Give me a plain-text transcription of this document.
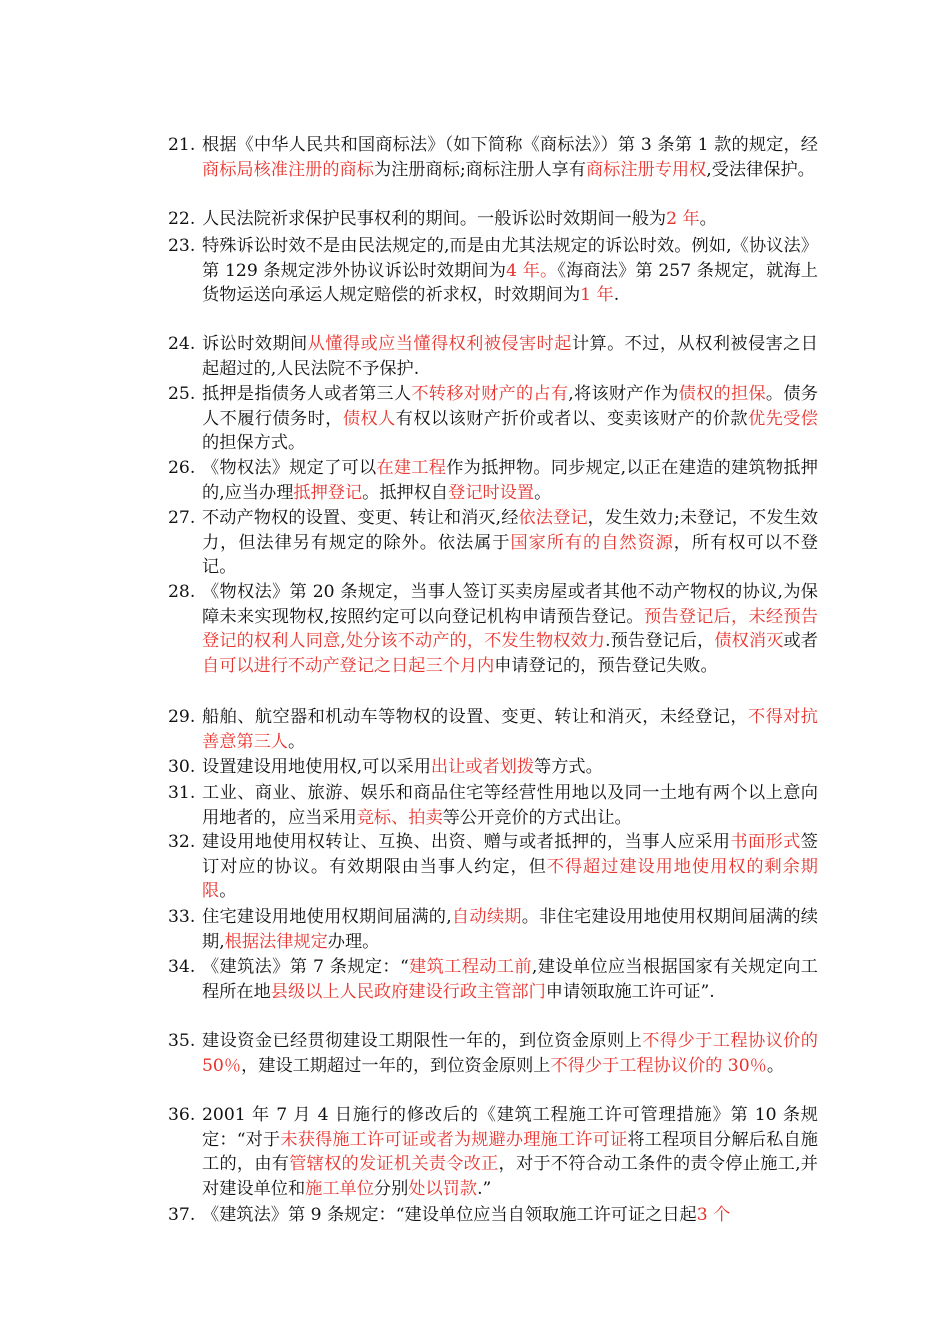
21. 根据《中华人民共和国商标法》（如下简称《商标法》）第 3 条第 1 款的规定，经商标局核准注册的商标为注册商标;商标注册人享有商标注册专用权,受法律保护。
22. 人民法院祈求保护民事权利的期间。一般诉讼时效期间一般为2 年。
23. 特殊诉讼时效不是由民法规定的,而是由尤其法规定的诉讼时效。例如,《协议法》第 129 条规定涉外协议诉讼时效期间为4 年。《海商法》第 257 条规定，就海上货物运送向承运人规定赔偿的祈求权，时效期间为1 年.
24. 诉讼时效期间从懂得或应当懂得权利被侵害时起计算。不过，从权利被侵害之日起超过的,人民法院不予保护.
25. 抵押是指债务人或者第三人不转移对财产的占有,将该财产作为债权的担保。债务人不履行债务时，债权人有权以该财产折价或者以、变卖该财产的价款优先受偿的担保方式。
26. 《物权法》规定了可以在建工程作为抵押物。同步规定,以正在建造的建筑物抵押的,应当办理抵押登记。抵押权自登记时设置。
27. 不动产物权的设置、变更、转让和消灭,经依法登记，发生效力;未登记，不发生效力，但法律另有规定的除外。依法属于国家所有的自然资源，所有权可以不登记。
28. 《物权法》第 20 条规定，当事人签订买卖房屋或者其他不动产物权的协议,为保障未来实现物权,按照约定可以向登记机构申请预告登记。预告登记后，未经预告登记的权利人同意,处分该不动产的，不发生物权效力.预告登记后，债权消灭或者自可以进行不动产登记之日起三个月内申请登记的，预告登记失败。
29. 船舶、航空器和机动车等物权的设置、变更、转让和消灭，未经登记，不得对抗善意第三人。
30. 设置建设用地使用权,可以采用出让或者划拨等方式。
31. 工业、商业、旅游、娱乐和商品住宅等经营性用地以及同一土地有两个以上意向用地者的，应当采用竞标、拍卖等公开竞价的方式出让。
32. 建设用地使用权转让、互换、出资、赠与或者抵押的，当事人应采用书面形式签订对应的协议。有效期限由当事人约定，但不得超过建设用地使用权的剩余期限。
33. 住宅建设用地使用权期间届满的,自动续期。非住宅建设用地使用权期间届满的续期,根据法律规定办理。
34. 《建筑法》第 7 条规定：“建筑工程动工前,建设单位应当根据国家有关规定向工程所在地县级以上人民政府建设行政主管部门申请领取施工许可证”.
35. 建设资金已经贯彻建设工期限性一年的，到位资金原则上不得少于工程协议价的 50％，建设工期超过一年的，到位资金原则上不得少于工程协议价的 30％。
36. 2001 年 7 月 4 日施行的修改后的《建筑工程施工许可管理措施》第 10 条规定：“对于未获得施工许可证或者为规避办理施工许可证将工程项目分解后私自施工的，由有管辖权的发证机关责令改正，对于不符合动工条件的责令停止施工,并对建设单位和施工单位分别处以罚款.”
37. 《建筑法》第 9 条规定：“建设单位应当自领取施工许可证之日起3 个
